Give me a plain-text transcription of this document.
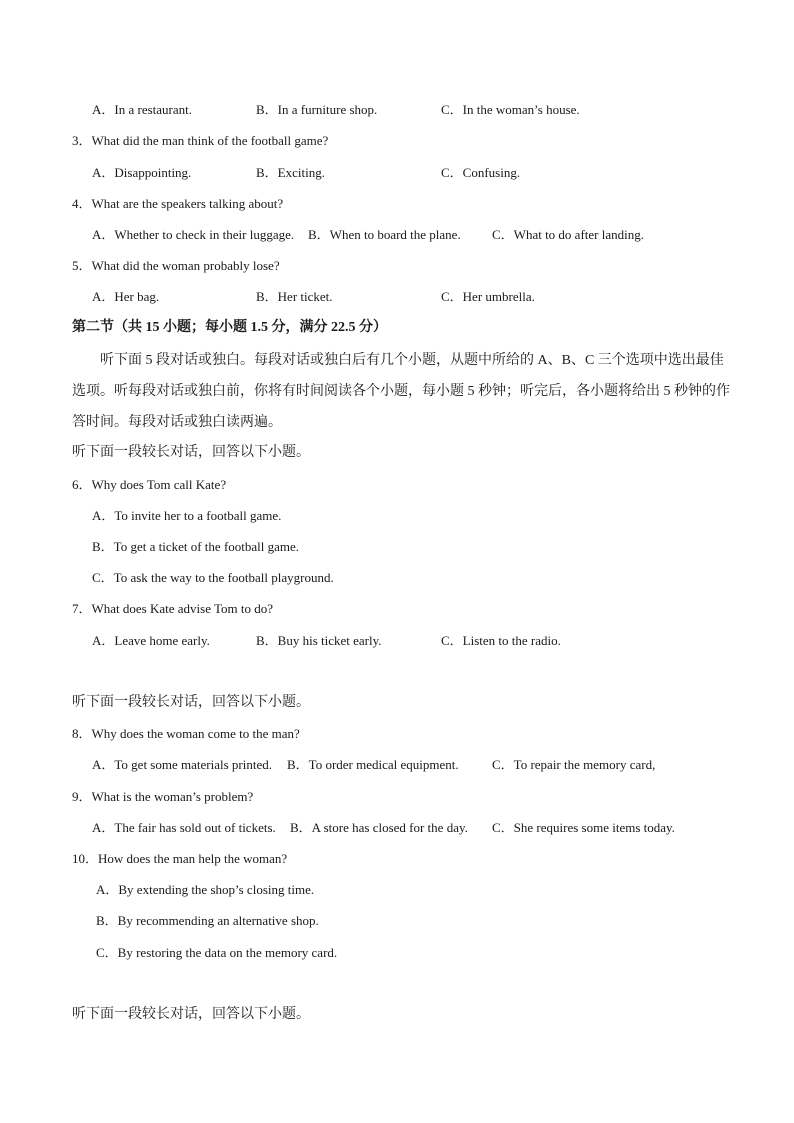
A．In a restaurant.	B．In a furniture shop.	C．In the woman’s house.
3．What did the man think of the football game?
A．Disappointing.	B．Exciting.	C．Confusing.
4．What are the speakers talking about?
A．Whether to check in their luggage. B．When to board the plane. C．What to do after landing.
5．What did the woman probably lose?
A．Her bag.	B．Her ticket.	C．Her umbrella.
第二节（共 15 小题；每小题 1.5 分，满分 22.5 分）
听下面 5 段对话或独白。每段对话或独白后有几个小题，从题中所给的 A、B、C 三个选项中选出最佳选项。听每段对话或独白前，你将有时间阅读各个小题，每小题 5 秒钟；听完后，各小题将给出 5 秒钟的作答时间。每段对话或独白读两遍。
听下面一段较长对话，回答以下小题。
6．Why does Tom call Kate?
A．To invite her to a football game.
B．To get a ticket of the football game.
C．To ask the way to the football playground.
7．What does Kate advise Tom to do?
A．Leave home early.	B．Buy his ticket early.	C．Listen to the radio.
听下面一段较长对话，回答以下小题。
8．Why does the woman come to the man?
A．To get some materials printed. B．To order medical equipment.	C．To repair the memory card,
9．What is the woman’s problem?
A．The fair has sold out of tickets. B．A store has closed for the day. C．She requires some items today.
10．How does the man help the woman?
A．By extending the shop’s closing time.
B．By recommending an alternative shop.
C．By restoring the data on the memory card.
听下面一段较长对话，回答以下小题。
